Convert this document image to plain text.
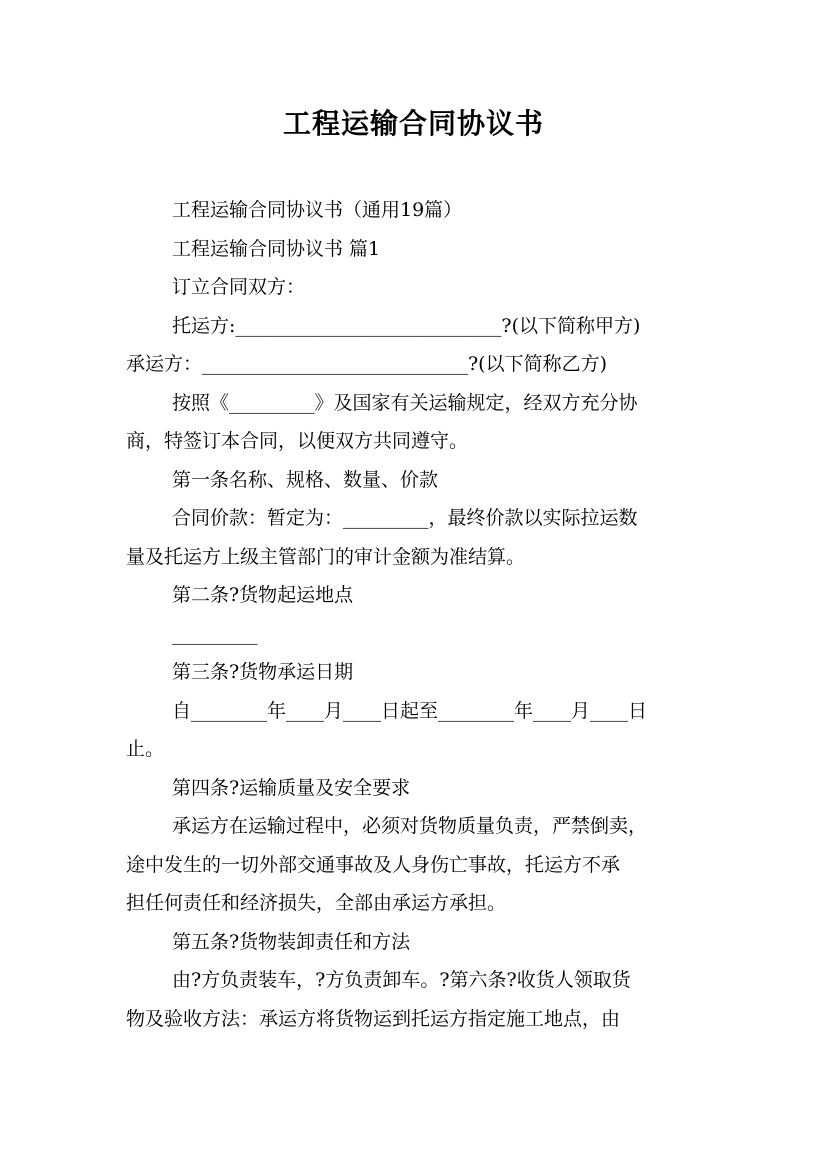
工程运输合同协议书
工程运输合同协议书（通用19篇）
工程运输合同协议书 篇1
订立合同双方：
托运方:____________________________?(以下简称甲方)
承运方：____________________________?(以下简称乙方)
按照《_________》及国家有关运输规定，经双方充分协
商，特签订本合同，以便双方共同遵守。
第一条名称、规格、数量、价款
合同价款：暂定为：_________，最终价款以实际拉运数
量及托运方上级主管部门的审计金额为准结算。
第二条?货物起运地点
_________
第三条?货物承运日期
自________年____月____日起至________年____月____日
止。
第四条?运输质量及安全要求
承运方在运输过程中，必须对货物质量负责，严禁倒卖，
途中发生的一切外部交通事故及人身伤亡事故，托运方不承
担任何责任和经济损失，全部由承运方承担。
第五条?货物装卸责任和方法
由?方负责装车，?方负责卸车。?第六条?收货人领取货
物及验收方法：承运方将货物运到托运方指定施工地点，由
